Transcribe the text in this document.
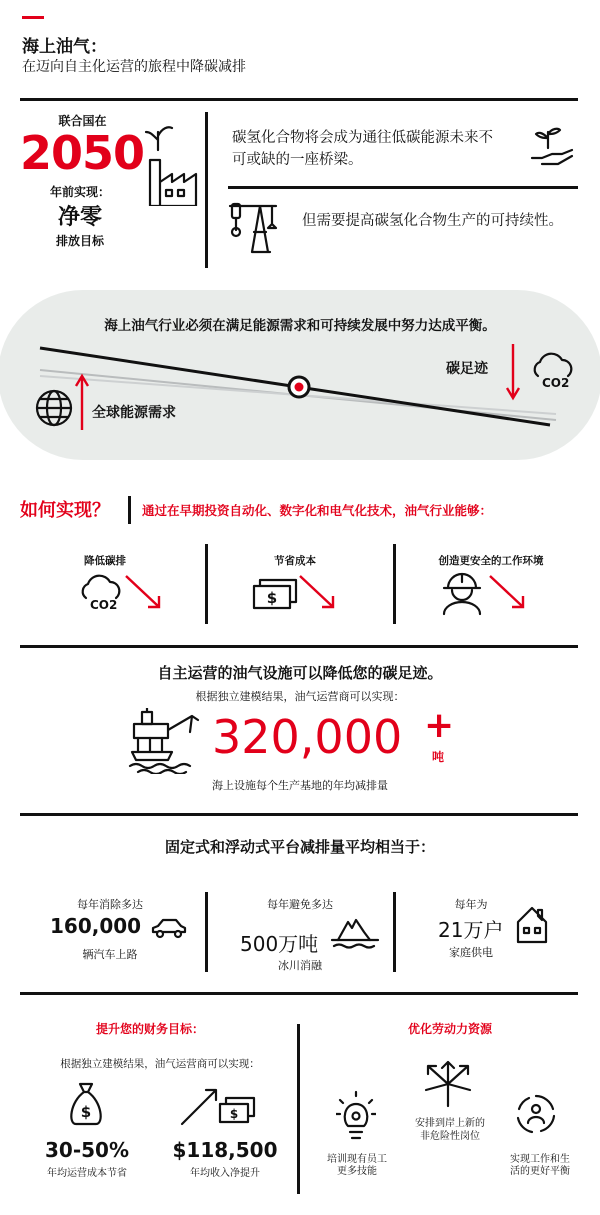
海上油气：
在迈向自主化运营的旅程中降碳减排
联合国在
2050
年前实现：
净零
排放目标
碳氢化合物将会成为通往低碳能源未来不可或缺的一座桥梁。
但需要提高碳氢化合物生产的可持续性。
海上油气行业必须在满足能源需求和可持续发展中努力达成平衡。
全球能源需求
碳足迹
CO2
如何实现？	通过在早期投资自动化、数字化和电气化技术，油气行业能够：
降低碳排	节省成本	创造更安全的工作环境
CO2	$
自主运营的油气设施可以降低您的碳足迹。
根据独立建模结果，油气运营商可以实现：
320,000 +
吨
海上设施每个生产基地的年均减排量
固定式和浮动式平台减排量平均相当于：
每年消除多达
160,000
辆汽车上路
每年避免多达
500万吨
冰川消融
每年为
21万户
家庭供电
提升您的财务目标：
根据独立建模结果，油气运营商可以实现：
$	$
30-50%
年均运营成本节省
$118,500
年均收入净提升
优化劳动力资源
培训现有员工
更多技能
安排到岸上新的
非危险性岗位
实现工作和生
活的更好平衡
